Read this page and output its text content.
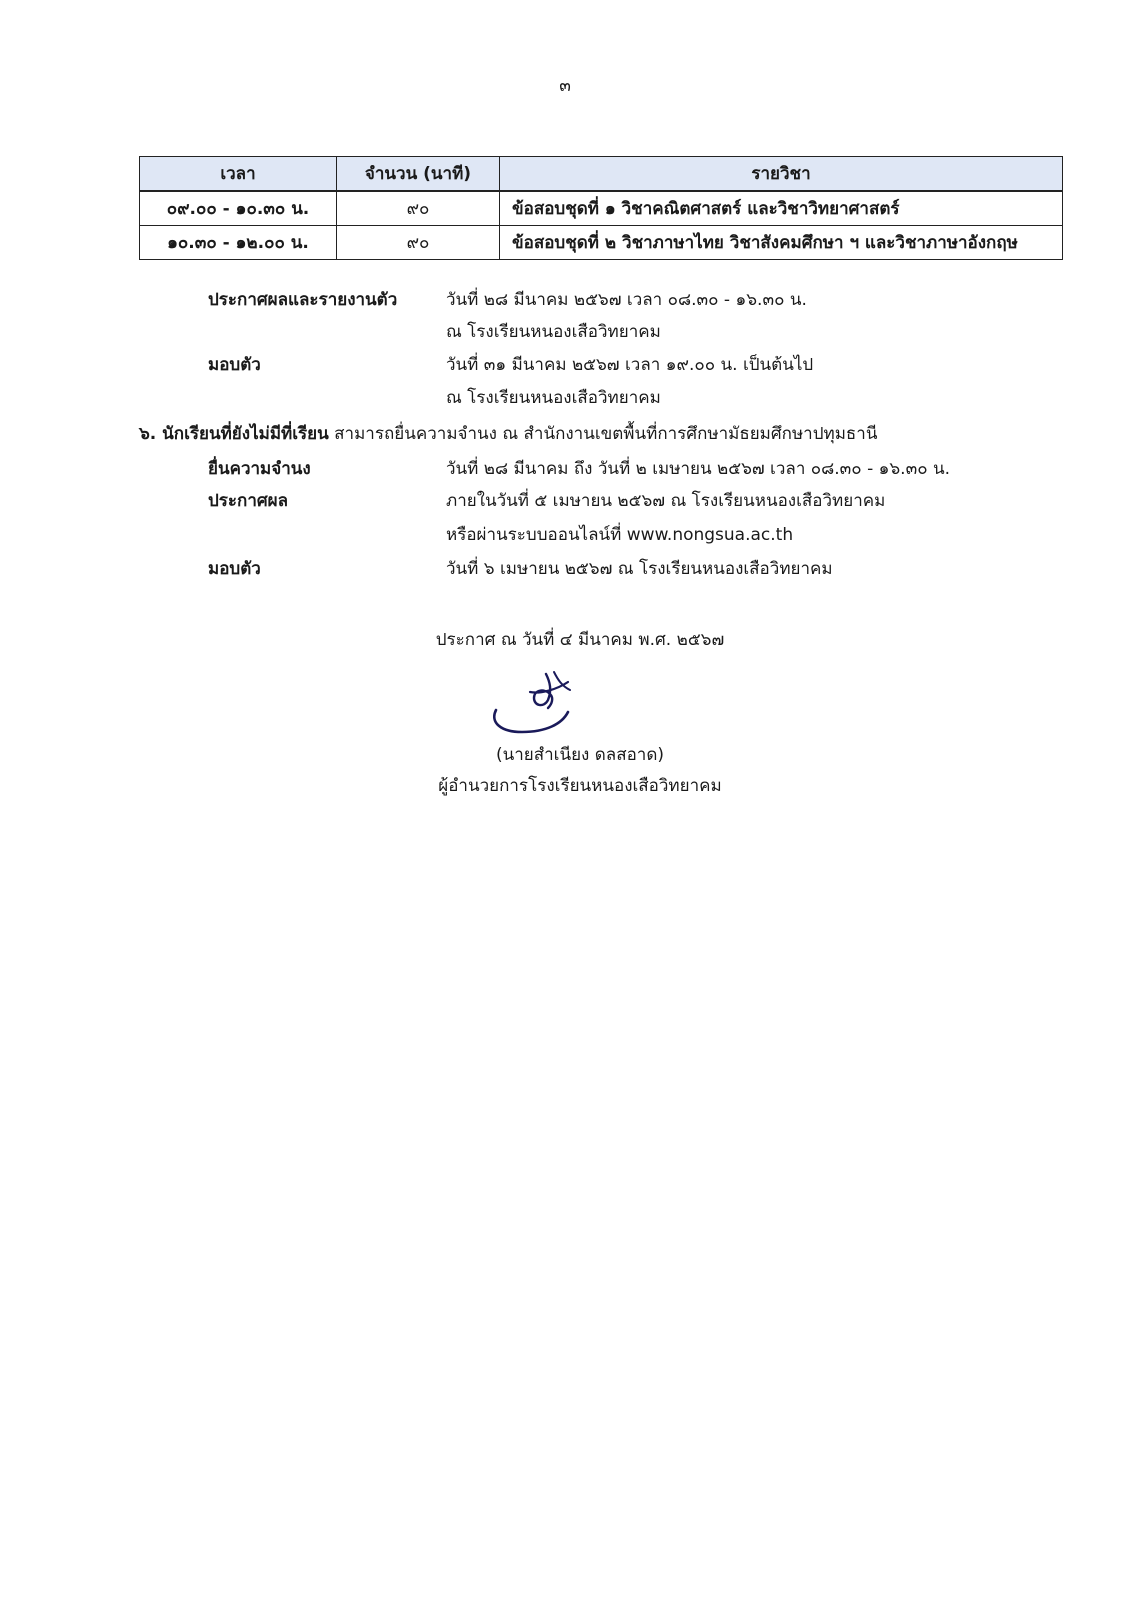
๓
เวลา	จำนวน (นาที)	รายวิชา
๐๙.๐๐ - ๑๐.๓๐ น.	๙๐	ข้อสอบชุดที่ ๑ วิชาคณิตศาสตร์ และวิชาวิทยาศาสตร์
๑๐.๓๐ - ๑๒.๐๐ น.	๙๐	ข้อสอบชุดที่ ๒ วิชาภาษาไทย วิชาสังคมศึกษา ฯ และวิชาภาษาอังกฤษ
ประกาศผลและรายงานตัว	วันที่ ๒๘ มีนาคม ๒๕๖๗ เวลา ๐๘.๓๐ - ๑๖.๓๐ น.
ณ โรงเรียนหนองเสือวิทยาคม
มอบตัว	วันที่ ๓๑ มีนาคม ๒๕๖๗ เวลา ๑๙.๐๐ น. เป็นต้นไป
ณ โรงเรียนหนองเสือวิทยาคม
๖. นักเรียนที่ยังไม่มีที่เรียน สามารถยื่นความจำนง ณ สำนักงานเขตพื้นที่การศึกษามัธยมศึกษาปทุมธานี
ยื่นความจำนง	วันที่ ๒๘ มีนาคม ถึง วันที่ ๒ เมษายน ๒๕๖๗ เวลา ๐๘.๓๐ - ๑๖.๓๐ น.
ประกาศผล	ภายในวันที่ ๕ เมษายน ๒๕๖๗ ณ โรงเรียนหนองเสือวิทยาคม
หรือผ่านระบบออนไลน์ที่ www.nongsua.ac.th
มอบตัว	วันที่ ๖ เมษายน ๒๕๖๗ ณ โรงเรียนหนองเสือวิทยาคม
ประกาศ ณ วันที่ ๔ มีนาคม พ.ศ. ๒๕๖๗
(นายสำเนียง ดลสอาด)
ผู้อำนวยการโรงเรียนหนองเสือวิทยาคม
